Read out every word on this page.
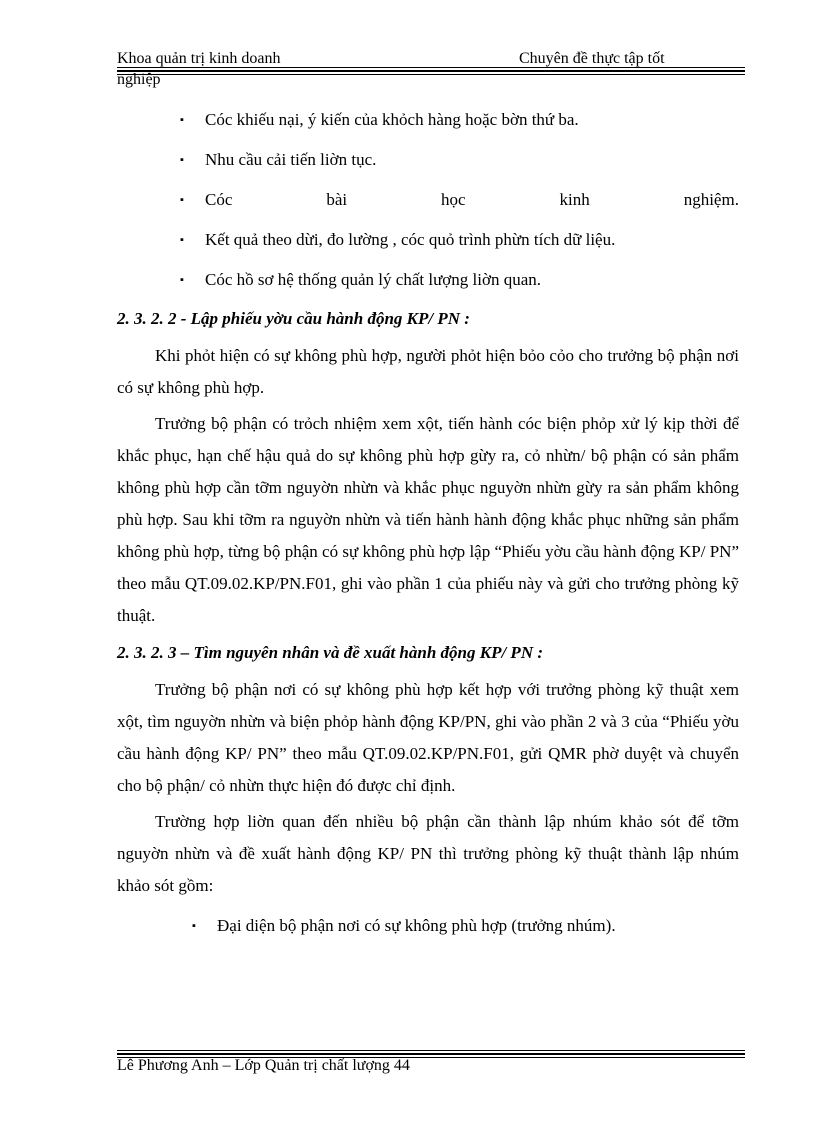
Khoa quản trị kinh doanh	Chuyên đề thực tập tốt
nghiệp
▪ Cóc khiếu nại, ý kiến của khỏch hàng hoặc bờn thứ ba.
▪ Nhu cầu cải tiến liờn tục.
▪ Cóc	bài	học	kinh	nghiệm.
▪ Kết quả theo dừi, đo lường , cóc quỏ trình phừn tích dữ liệu.
▪ Cóc hồ sơ hệ thống quản lý chất lượng liờn quan.
2. 3. 2. 2 - Lập phiếu yờu cầu hành động KP/ PN :

Khi phỏt hiện có sự không phù hợp, người phỏt hiện bỏo cỏo cho trưởng bộ phận nơi có sự không phù hợp.

Trưởng bộ phận có trỏch nhiệm xem xột, tiến hành cóc biện phỏp xử lý kịp thời để khắc phục, hạn chế hậu quả do sự không phù hợp gừy ra, cỏ nhừn/ bộ phận có sản phẩm không phù hợp cần tỡm nguyờn nhừn và khắc phục nguyờn nhừn gừy ra sản phẩm không phù hợp. Sau khi tỡm ra nguyờn nhừn và tiến hành hành động khắc phục những sản phẩm không phù hợp, từng bộ phận có sự không phù hợp lập “Phiếu yờu cầu hành động KP/ PN” theo mẫu QT.09.02.KP/PN.F01, ghi vào phần 1 của phiếu này và gửi cho trưởng phòng kỹ thuật.

2. 3. 2. 3 – Tìm nguyên nhân và đề xuất hành động KP/ PN :

Trưởng bộ phận nơi có sự không phù hợp kết hợp với trưởng phòng kỹ thuật xem xột, tìm nguyờn nhừn và biện phỏp hành động KP/PN, ghi vào phần 2 và 3 của “Phiếu yờu cầu hành động KP/ PN” theo mẫu QT.09.02.KP/PN.F01, gửi QMR phờ duyệt và chuyển cho bộ phận/ cỏ nhừn thực hiện đó được chỉ định.

Trường hợp liờn quan đến nhiều bộ phận cần thành lập nhúm khảo sót để tỡm nguyờn nhừn và đề xuất hành động KP/ PN thì trưởng phòng kỹ thuật thành lập nhúm khảo sót gồm:

▪ Đại diện bộ phận nơi có sự không phù hợp (trưởng nhúm).
Lê Phương Anh – Lớp Quản trị chất lượng 44
